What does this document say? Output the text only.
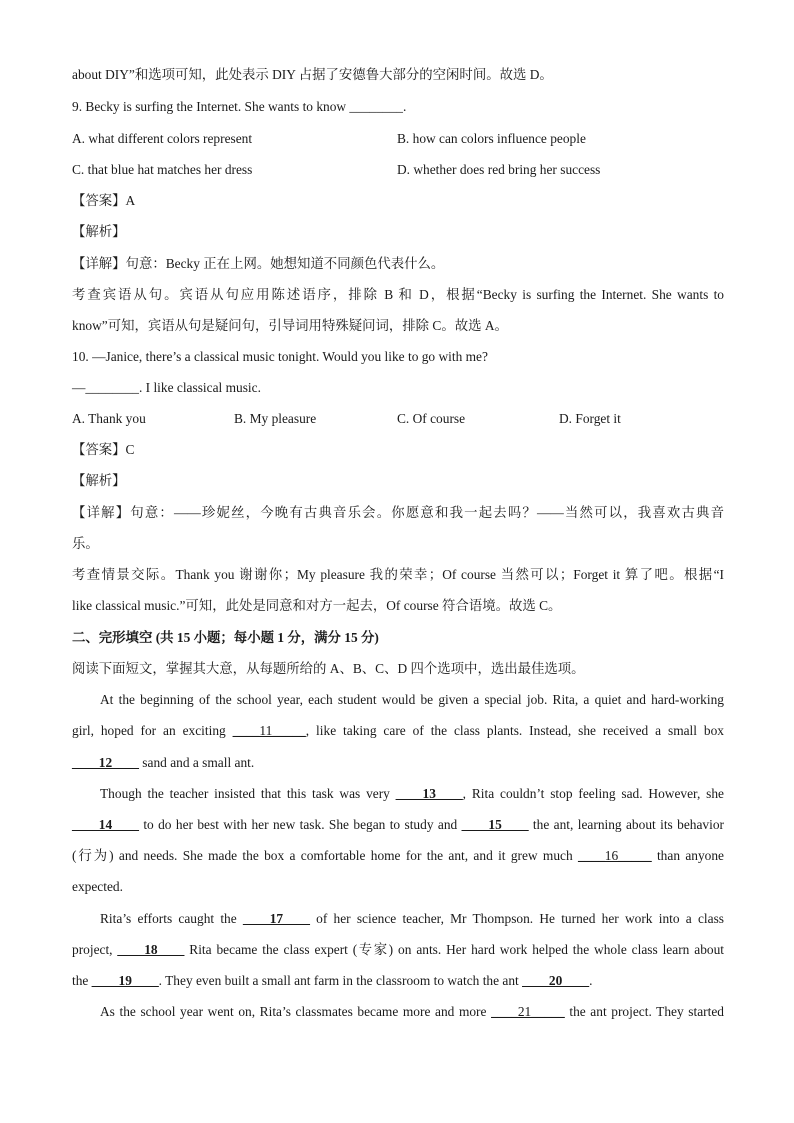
about DIY”和选项可知，此处表示 DIY 占据了安德鲁大部分的空闲时间。故选 D。
9. Becky is surfing the Internet. She wants to know ________.
A. what different colors represent	B. how can colors influence people
C. that blue hat matches her dress	D. whether does red bring her success
【答案】A
【解析】
【详解】句意：Becky 正在上网。她想知道不同颜色代表什么。
考查宾语从句。宾语从句应用陈述语序，排除 B 和 D，根据“Becky is surfing the Internet. She wants to
know”可知，宾语从句是疑问句，引导词用特殊疑问词，排除 C。故选 A。
10. —Janice, there’s a classical music tonight. Would you like to go with me?
—________. I like classical music.
A. Thank you	B. My pleasure	C. Of course	D. Forget it
【答案】C
【解析】
【详解】句意：——珍妮丝，今晚有古典音乐会。你愿意和我一起去吗？——当然可以，我喜欢古典音
乐。
考查情景交际。Thank you 谢谢你；My pleasure 我的荣幸；Of course 当然可以；Forget it 算了吧。根据“I
like classical music.”可知，此处是同意和对方一起去，Of course 符合语境。故选 C。
二、完形填空 (共 15 小题；每小题 1 分，满分 15 分)
阅读下面短文，掌握其大意，从每题所给的 A、B、C、D 四个选项中，选出最佳选项。
At the beginning of the school year, each student would be given a special job. Rita, a quiet and hard-working
girl, hoped for an exciting ____11_____, like taking care of the class plants. Instead, she received a small box
____12____ sand and a small ant.
Though the teacher insisted that this task was very ____13____, Rita couldn’t stop feeling sad. However, she
____14____ to do her best with her new task. She began to study and ____15____ the ant, learning about its behavior
(行为) and needs. She made the box a comfortable home for the ant, and it grew much ____16_____ than anyone
expected.
Rita’s efforts caught the ____17____ of her science teacher, Mr Thompson. He turned her work into a class
project, ____18____ Rita became the class expert (专家) on ants. Her hard work helped the whole class learn about
the ____19____. They even built a small ant farm in the classroom to watch the ant ____20____.
As the school year went on, Rita’s classmates became more and more ____21_____ the ant project. They started
